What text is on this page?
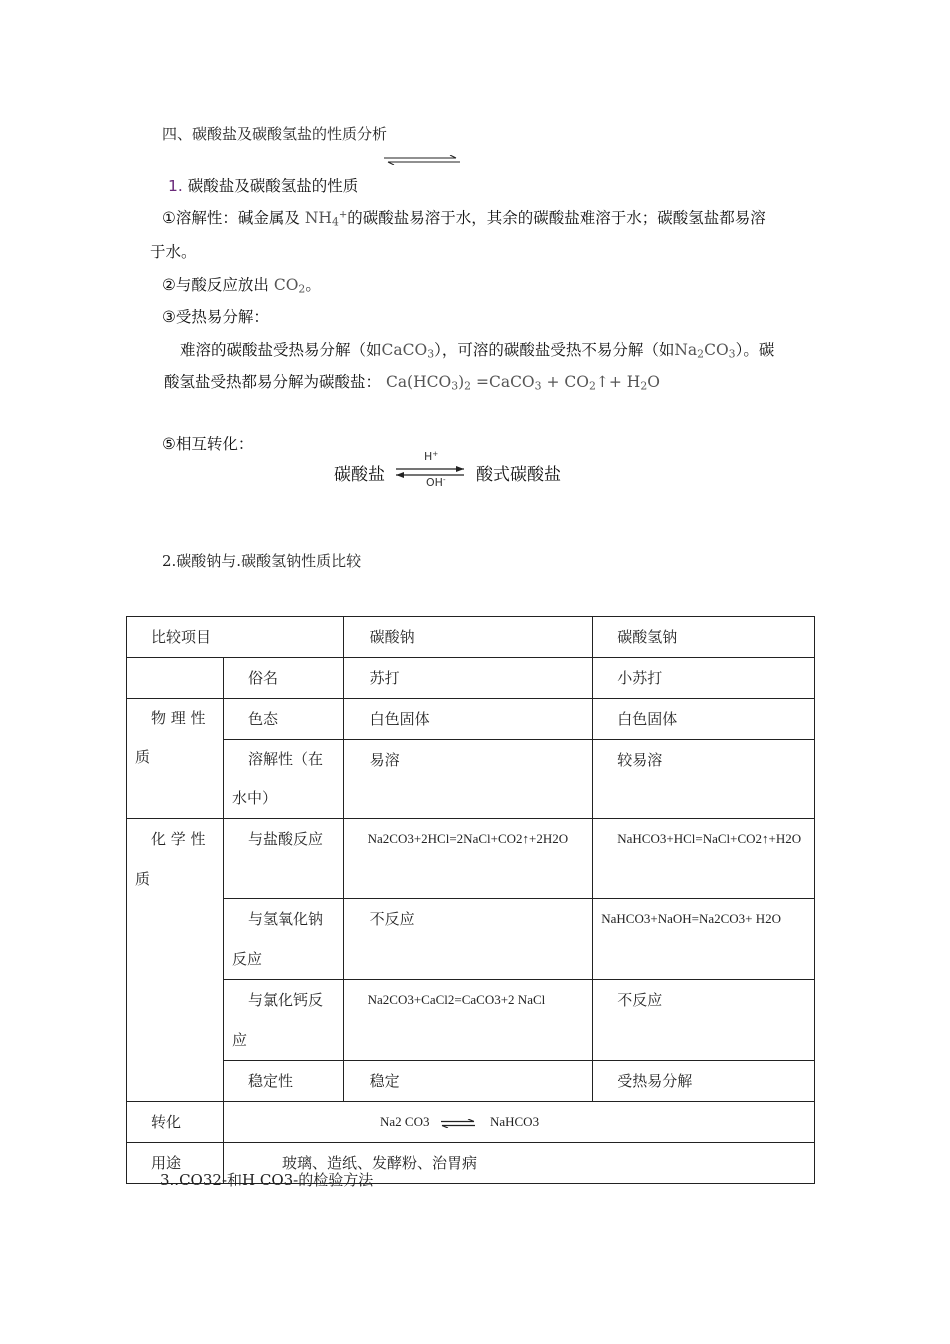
四、碳酸盐及碳酸氢盐的性质分析
1. 碳酸盐及碳酸氢盐的性质
①溶解性：碱金属及 $NH_4^+$的碳酸盐易溶于水，其余的碳酸盐难溶于水；碳酸氢盐都易溶
于水。
②与酸反应放出 $CO_2$。
③受热易分解：
难溶的碳酸盐受热易分解（如CaCO$_3$），可溶的碳酸盐受热不易分解（如$Na_2CO_3$）。碳
酸氢盐受热都易分解为碳酸盐： $Ca(HCO_3)_2$ =CaCO$_3$ + $CO_2↑+ H_2O$
⑤相互转化：
碳酸盐
H+
OH- 酸式碳酸盐
2.碳酸钠与.碳酸氢钠性质比较
比较项目		碳酸钠	碳酸氢钠
	俗名	苏打	小苏打

物 理 性 质	色态	白色固体	白色固体
	溶解性（在水中）	易溶	较易溶

化 学 性 质	与盐酸反应	Na2CO3+2HCl=2NaCl+CO2↑+2H2O	NaHCO3+HCl=NaCl+CO2↑+H2O
	与氢氧化钠反应	不反应	NaHCO3+NaOH=Na2CO3+ H2O
	与氯化钙反应	Na2CO3+CaCl2=CaCO3+2 NaCl	不反应
	稳定性	稳定	受热易分解
转化	Na2 CO3 ⇌ NaHCO3		
用途	玻璃、造纸、发酵粉、治胃病		
3..CO32-和H CO3-的检验方法
